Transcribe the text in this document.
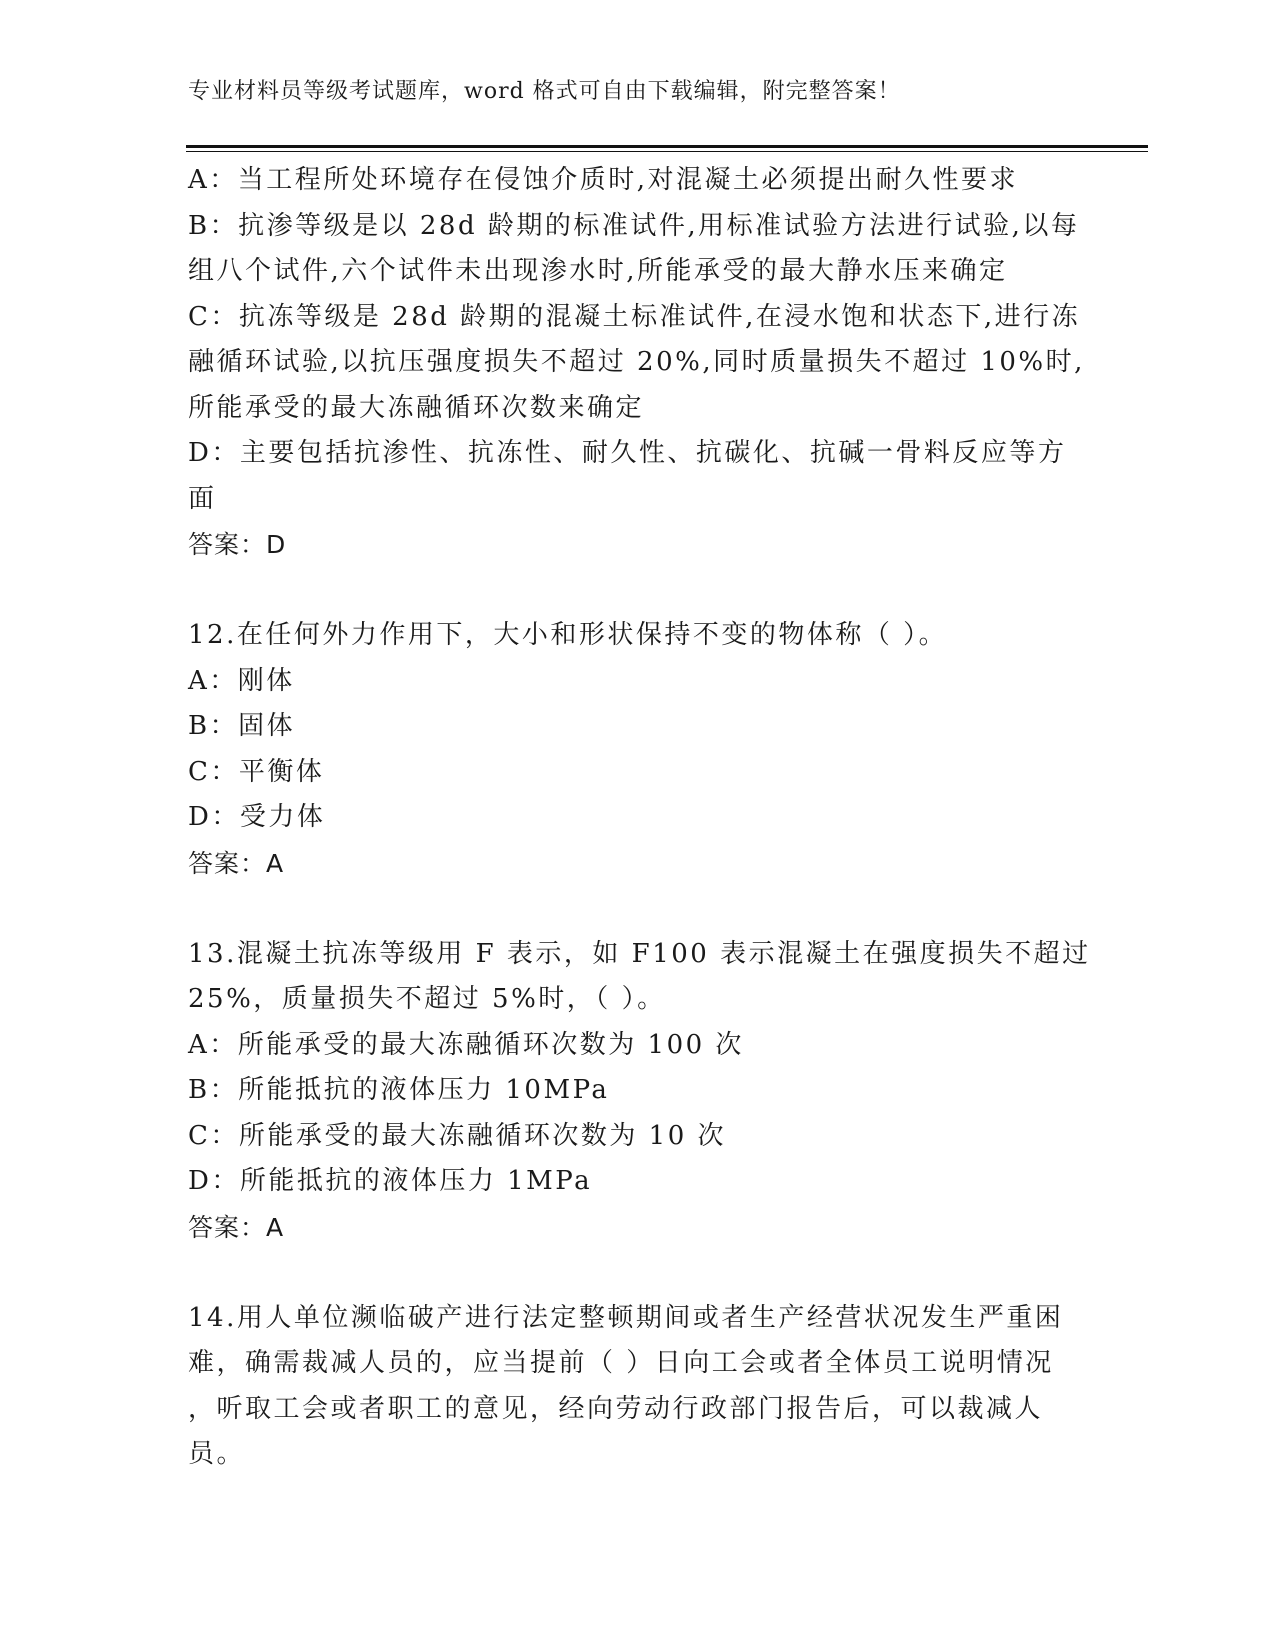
专业材料员等级考试题库，word 格式可自由下载编辑，附完整答案！
A：当工程所处环境存在侵蚀介质时,对混凝土必须提出耐久性要求
B：抗渗等级是以 28d 龄期的标准试件,用标准试验方法进行试验,以每
组八个试件,六个试件未出现渗水时,所能承受的最大静水压来确定
C：抗冻等级是 28d 龄期的混凝土标准试件,在浸水饱和状态下,进行冻
融循环试验,以抗压强度损失不超过 20%,同时质量损失不超过 10%时,
所能承受的最大冻融循环次数来确定
D：主要包括抗渗性、抗冻性、耐久性、抗碳化、抗碱一骨料反应等方
面
答案：D
12.在任何外力作用下，大小和形状保持不变的物体称（ ）。
A：刚体
B：固体
C：平衡体
D：受力体
答案：A
13.混凝土抗冻等级用 F 表示，如 F100 表示混凝土在强度损失不超过
25%，质量损失不超过 5%时，（ ）。
A：所能承受的最大冻融循环次数为 100 次
B：所能抵抗的液体压力 10MPa
C：所能承受的最大冻融循环次数为 10 次
D：所能抵抗的液体压力 1MPa
答案：A
14.用人单位濒临破产进行法定整顿期间或者生产经营状况发生严重困
难，确需裁减人员的，应当提前（ ）日向工会或者全体员工说明情况
，听取工会或者职工的意见，经向劳动行政部门报告后，可以裁减人
员。
